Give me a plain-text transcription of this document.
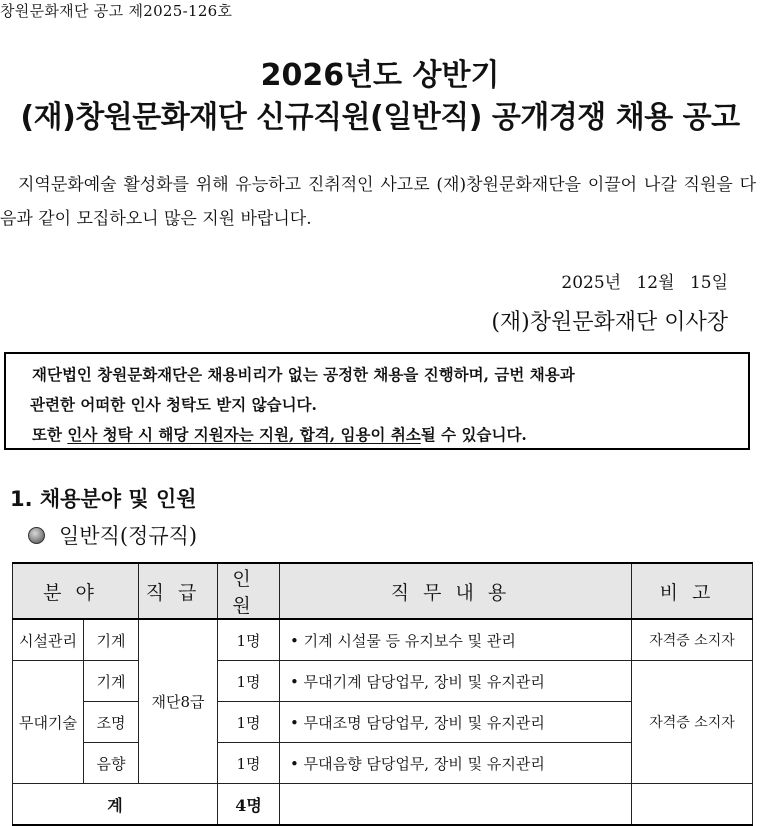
창원문화재단 공고 제2025-126호
2026년도 상반기
(재)창원문화재단 신규직원(일반직) 공개경쟁 채용 공고
지역문화예술 활성화를 위해 유능하고 진취적인 사고로 (재)창원문화재단을 이끌어 나갈 직원을 다음과 같이 모집하오니 많은 지원 바랍니다.
2025년 12월 15일
(재)창원문화재단 이사장

재단법인 창원문화재단은 채용비리가 없는 공정한 채용을 진행하며, 금번 채용과

관련한 어떠한 인사 청탁도 받지 않습니다.

또한 인사 청탁 시 해당 지원자는 지원, 합격, 임용이 취소될 수 있습니다.

1. 채용분야 및 인원
일반직(정규직)
분야		직급	인원	직무내용	비고
시설관리	기계	재단8급	1명	• 기계 시설물 등 유지보수 및 관리	자격증 소지자
무대기술	기계		1명	• 무대기계 담당업무, 장비 및 유지관리	자격증 소지자
	조명		1명	• 무대조명 담당업무, 장비 및 유지관리	
	음향		1명	• 무대음향 담당업무, 장비 및 유지관리	
계			4명		
